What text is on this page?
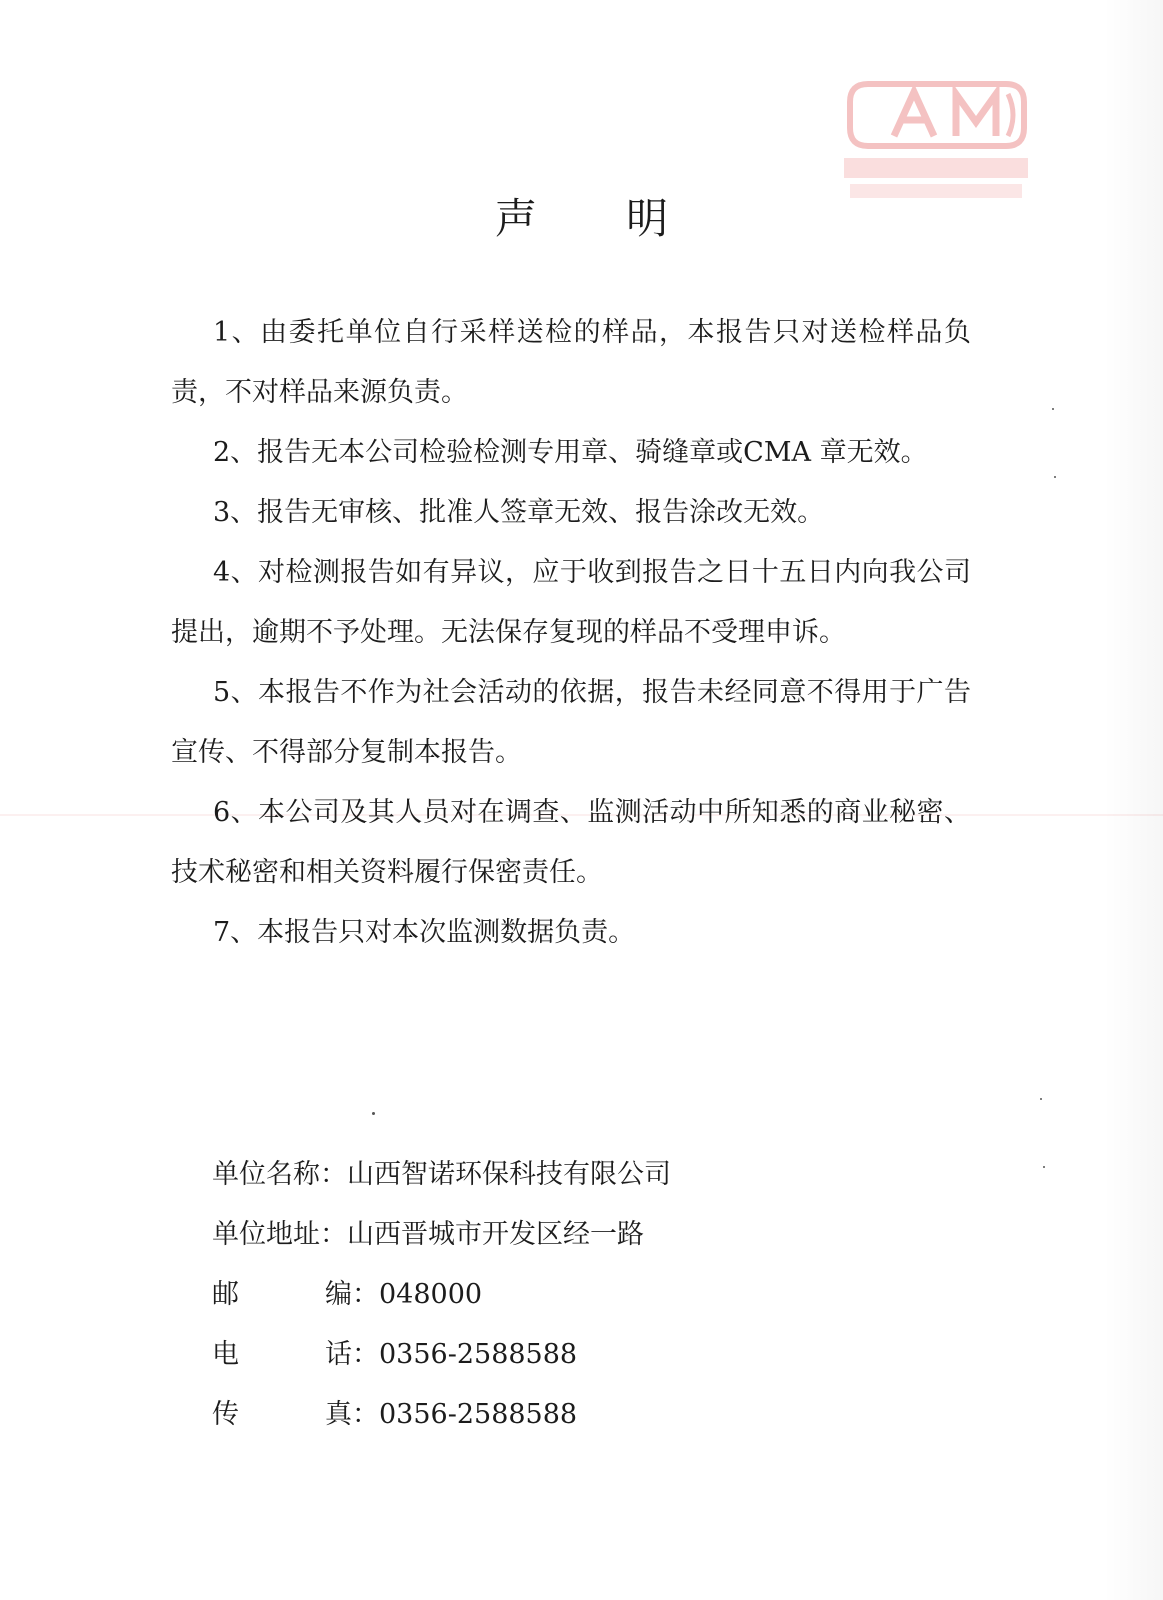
声 明

1、由委托单位自行采样送检的样品，本报告只对送检样品负责，不对样品来源负责。

2、报告无本公司检验检测专用章、骑缝章或CMA 章无效。

3、报告无审核、批准人签章无效、报告涂改无效。

4、对检测报告如有异议，应于收到报告之日十五日内向我公司提出，逾期不予处理。无法保存复现的样品不受理申诉。

5、本报告不作为社会活动的依据，报告未经同意不得用于广告宣传、不得部分复制本报告。

6、本公司及其人员对在调查、监测活动中所知悉的商业秘密、技术秘密和相关资料履行保密责任。

7、本报告只对本次监测数据负责。

单位名称 ： 山西智诺环保科技有限公司
单位地址 ： 山西晋城市开发区经一路
邮	编 ： 048000
电	话 ： 0356-2588588
传	真 ： 0356-2588588
